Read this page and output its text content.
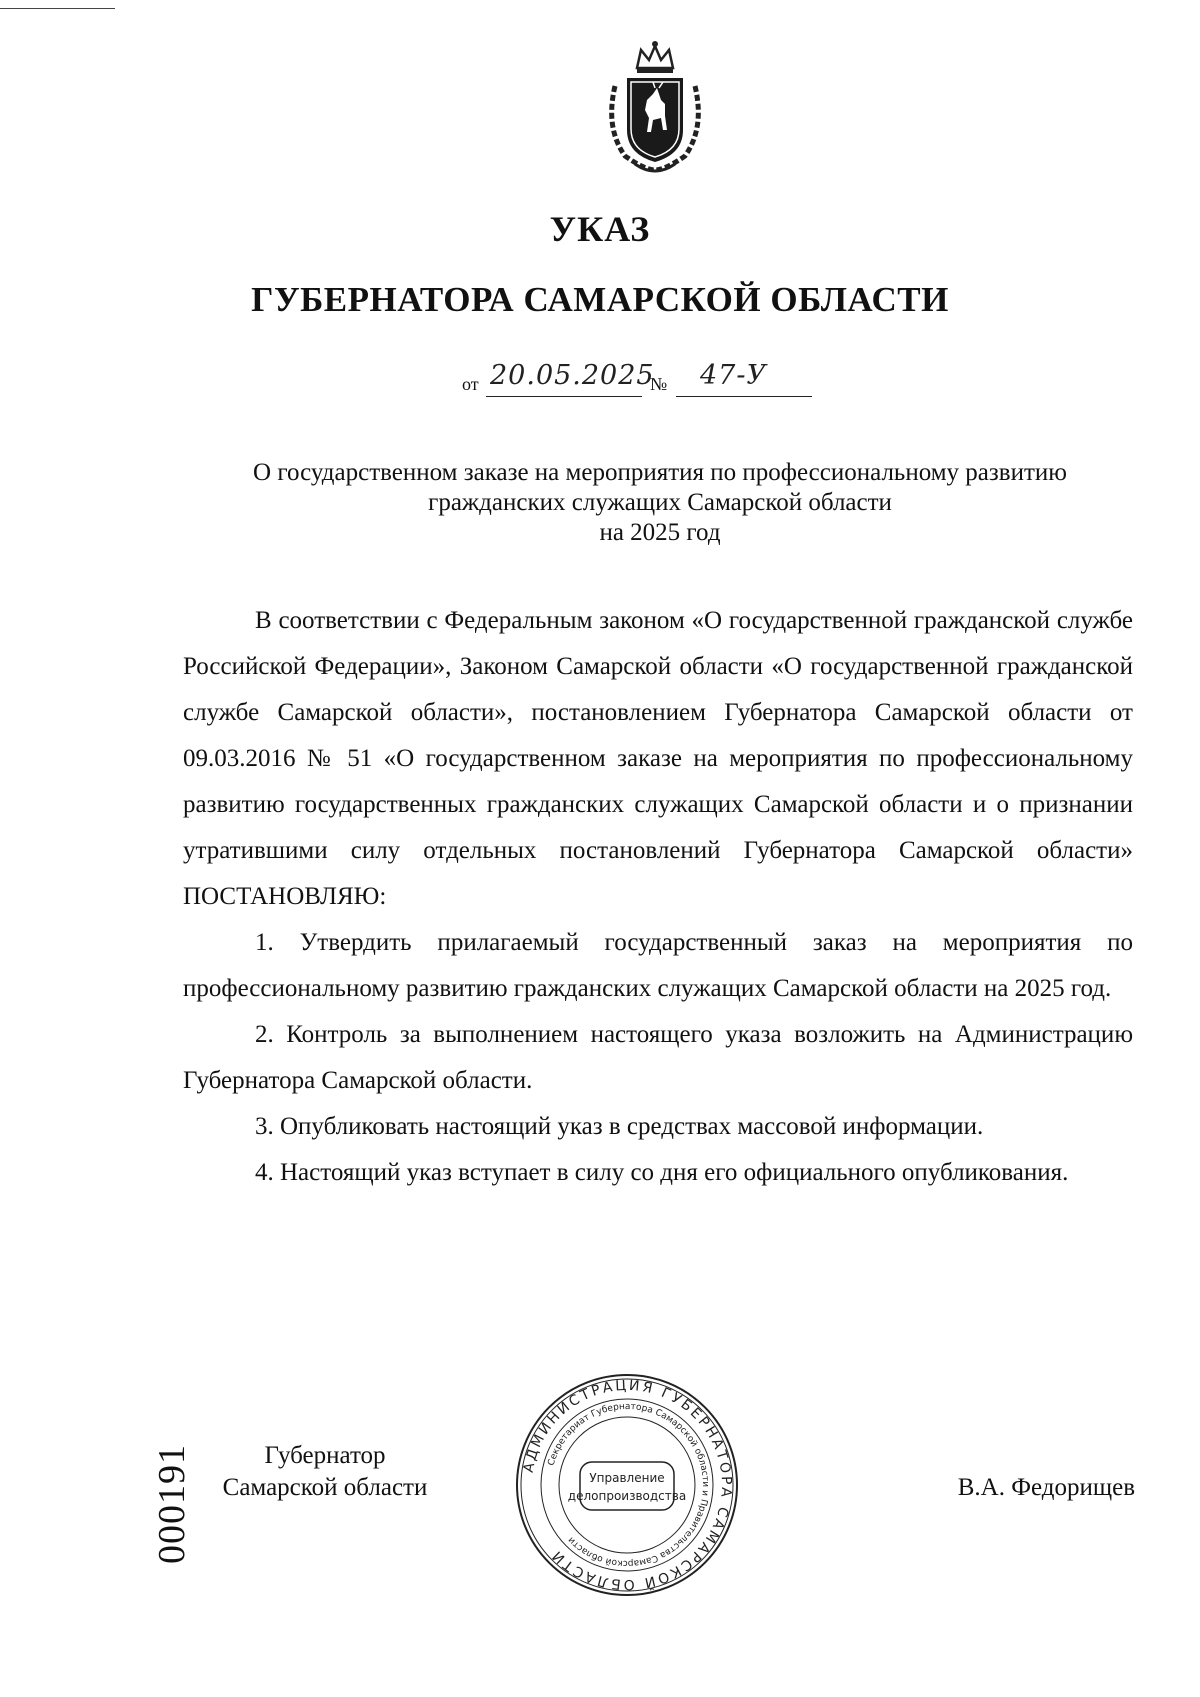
УКАЗ
ГУБЕРНАТОРА САМАРСКОЙ ОБЛАСТИ
от 20.05.2025
№ 47-У
О государственном заказе на мероприятия по профессиональному развитию
гражданских служащих Самарской области
на 2025 год

В соответствии с Федеральным законом «О государственной гражданской службе Российской Федерации», Законом Самарской области «О государственной гражданской службе Самарской области», постановлением Губернатора Самарской области от 09.03.2016 № 51 «О государственном заказе на мероприятия по профессиональному развитию государственных гражданских служащих Самарской области и о признании утратившими силу отдельных постановлений Губернатора Самарской области» ПОСТАНОВЛЯЮ:

1. Утвердить прилагаемый государственный заказ на мероприятия по профессиональному развитию гражданских служащих Самарской области на 2025 год.

2. Контроль за выполнением настоящего указа возложить на Администрацию Губернатора Самарской области.

3. Опубликовать настоящий указ в средствах массовой информации.

4. Настоящий указ вступает в силу со дня его официального опубликования.

Губернатор
Самарской области	В.А. Федорищев
АДМИНИСТРАЦИЯ ГУБЕРНАТОРА САМАРСКОЙ ОБЛАСТИ
Секретариат Губернатора Самарской области и Правительства Самарской области
Управление
делопроизводства
000191
